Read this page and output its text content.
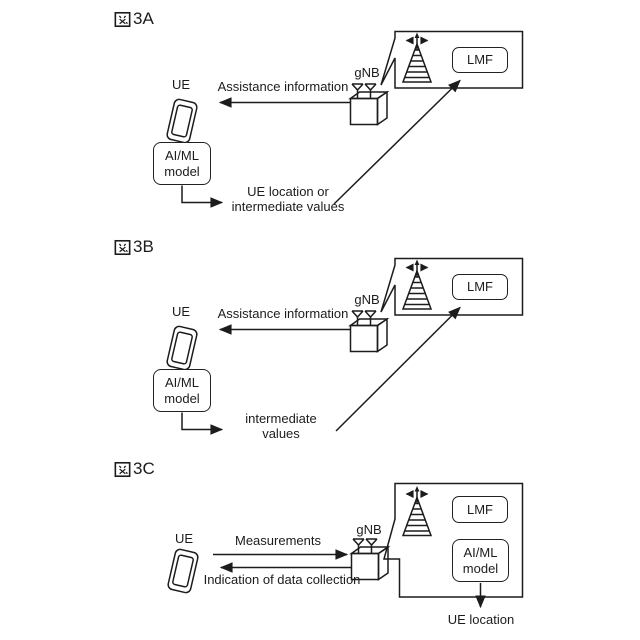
3A
UE	Assistance information
gNB
LMF
AI/ML
model
UE location or
intermediate values
3B
UE	Assistance information
gNB
LMF
AI/ML
model
intermediate
values
3C
UE	Measurements
Indication of data collection
gNB
LMF
AI/ML
model
UE location
